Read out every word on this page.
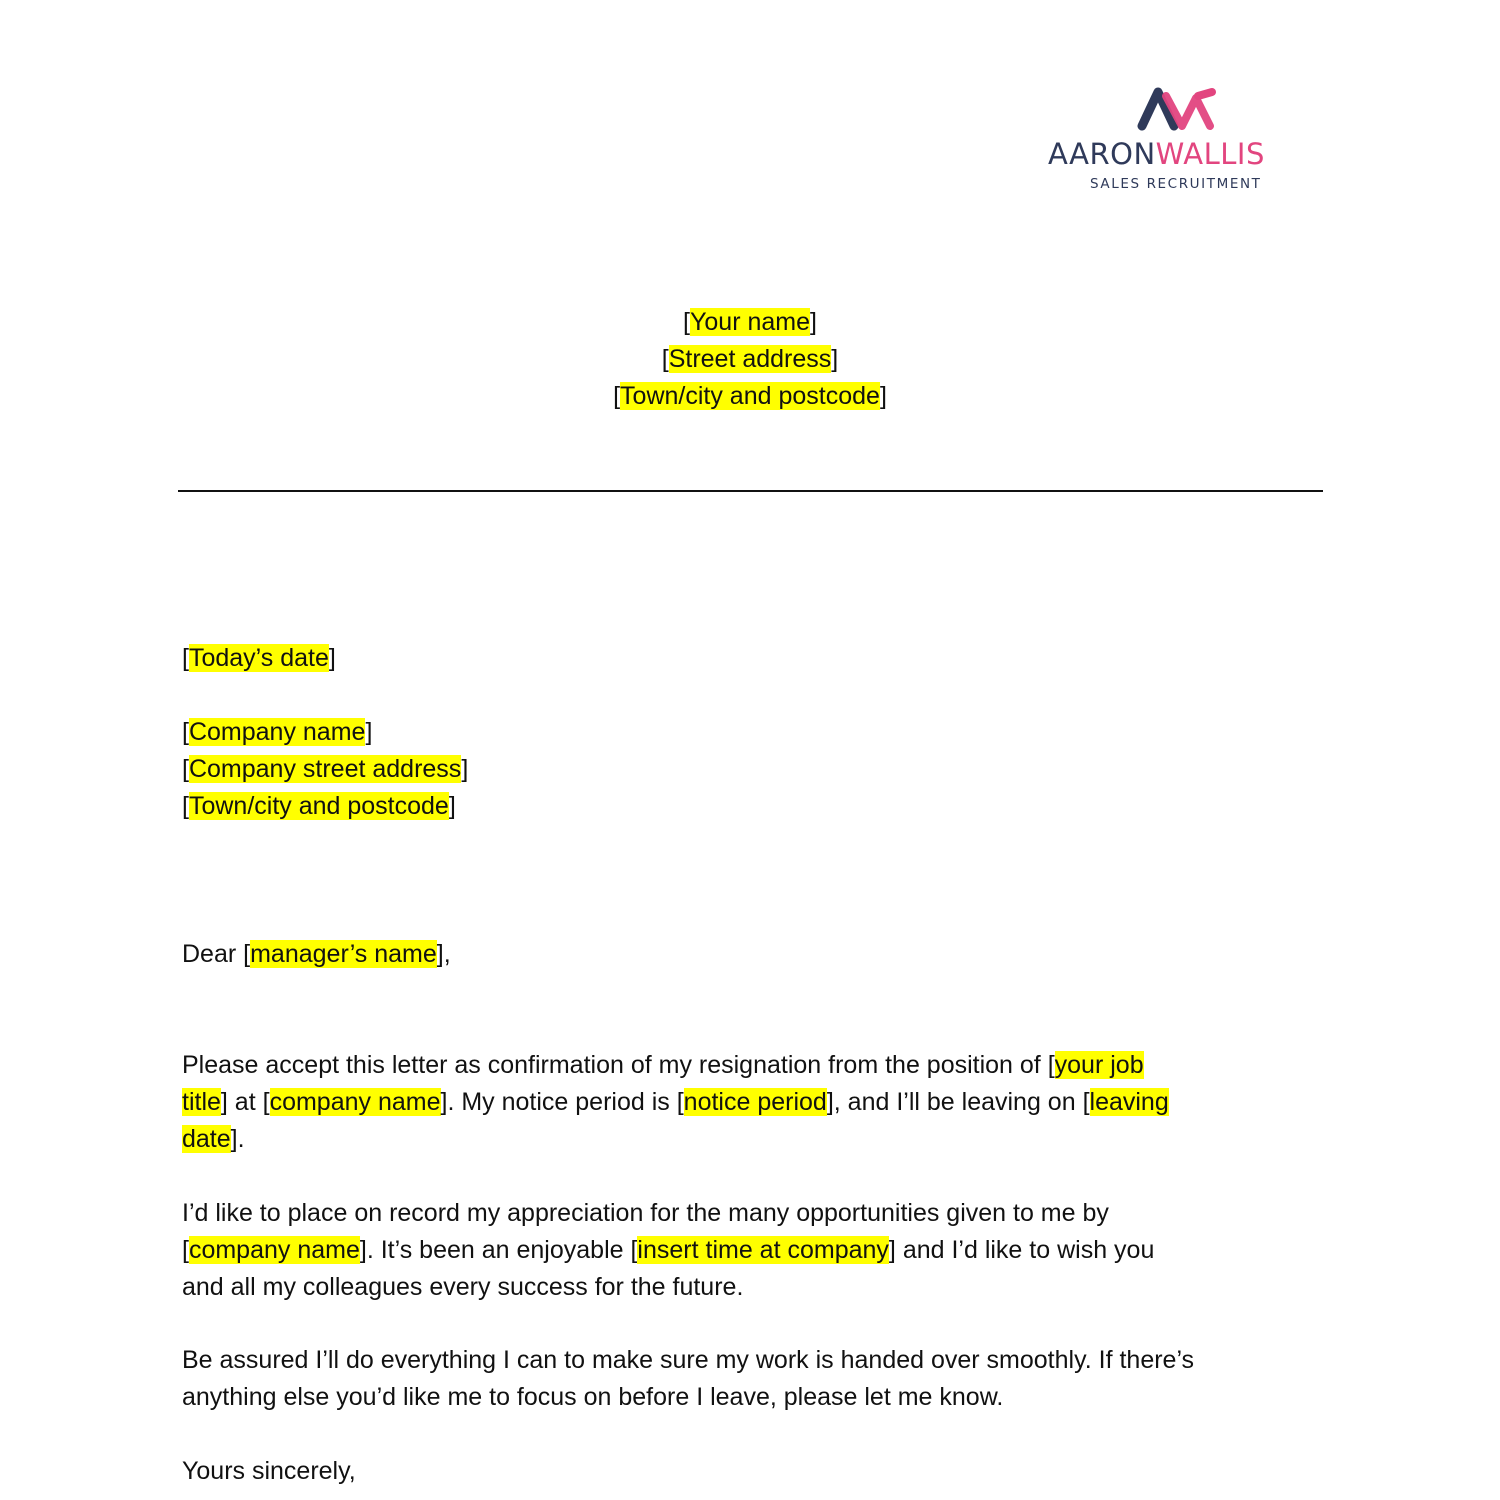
AARONWALLIS
SALES RECRUITMENT
[Your name]
[Street address]
[Town/city and postcode]
[Today’s date]
[Company name]
[Company street address]
[Town/city and postcode]
Dear [manager’s name],
Please accept this letter as confirmation of my resignation from the position of [your job
title] at [company name]. My notice period is [notice period], and I’ll be leaving on [leaving
date].
I’d like to place on record my appreciation for the many opportunities given to me by
[company name]. It’s been an enjoyable [insert time at company] and I’d like to wish you
and all my colleagues every success for the future.
Be assured I’ll do everything I can to make sure my work is handed over smoothly. If there’s
anything else you’d like me to focus on before I leave, please let me know.
Yours sincerely,
